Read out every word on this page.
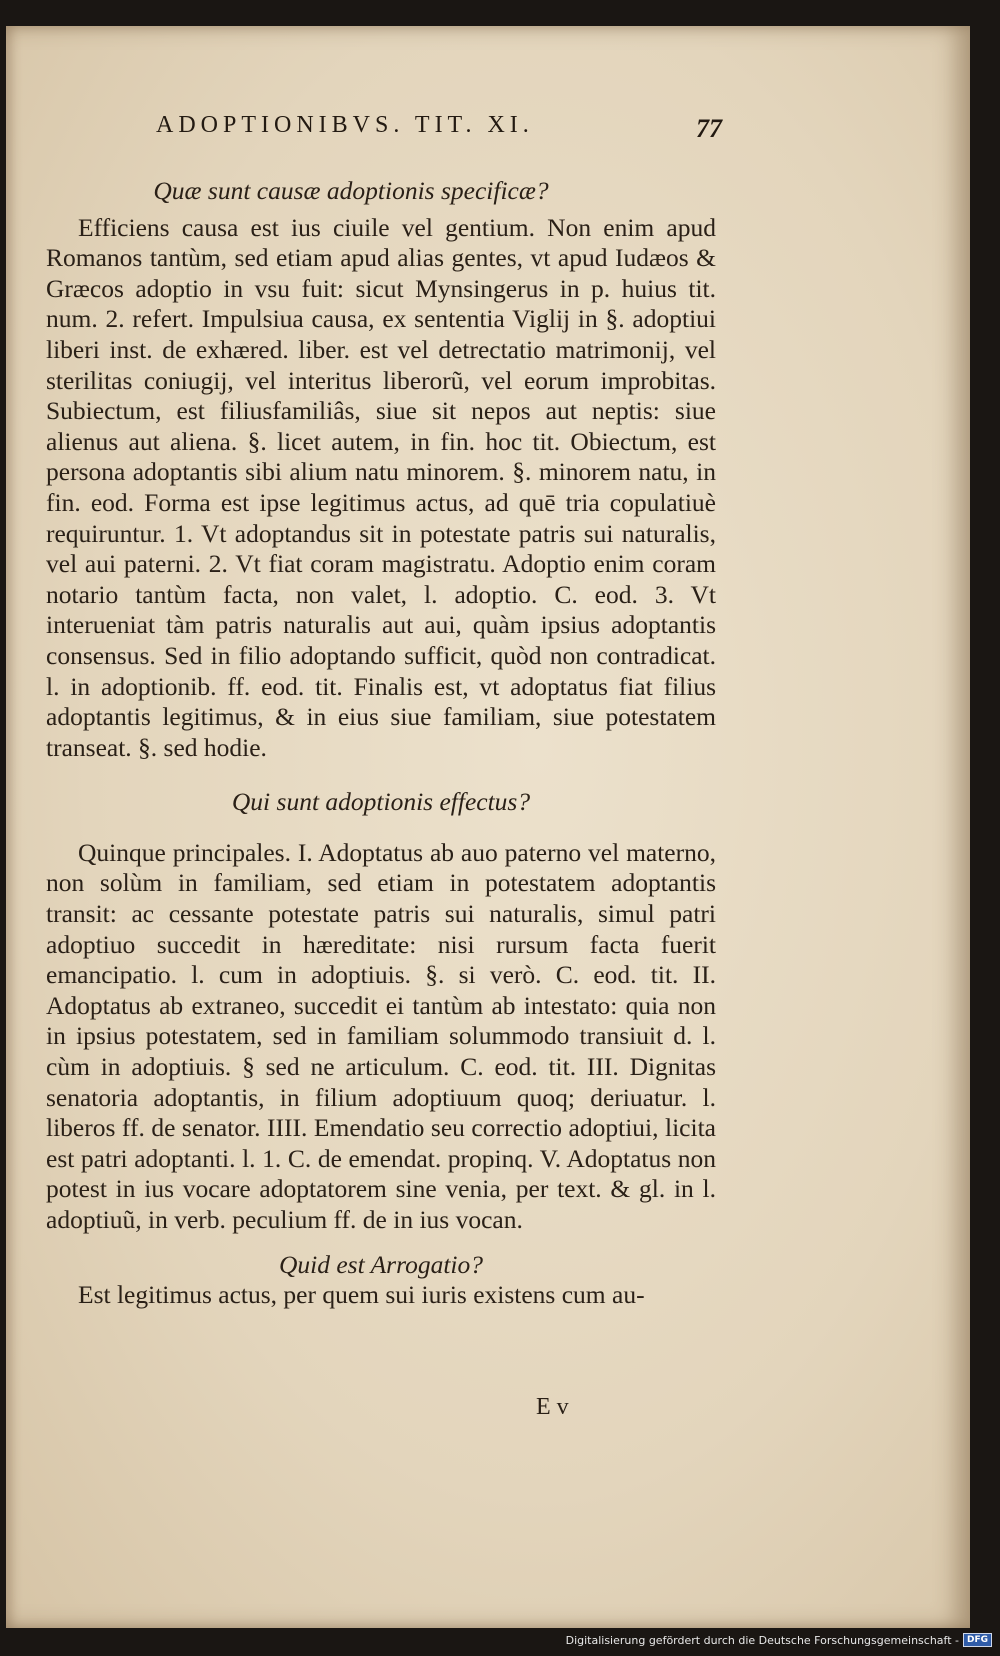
ADOPTIONIBVS. TIT. XI.	77

Quæ sunt causæ adoptionis specificæ?

Efficiens causa est ius ciuile vel gentium. Non enim apud Romanos tantùm, sed etiam apud alias gentes, vt apud Iudæos & Græcos adoptio in vsu fuit: sicut Mynsingerus in p. huius tit. num. 2. refert. Impulsiua causa, ex sententia Viglij in §. adoptiui liberi inst. de exhæred. liber. est vel detrectatio matrimonij, vel sterilitas coniugij, vel interitus liberorũ, vel eorum improbitas. Subiectum, est filiusfamiliâs, siue sit nepos aut neptis: siue alienus aut aliena. §. licet autem, in fin. hoc tit. Obiectum, est persona adoptantis sibi alium natu minorem. §. minorem natu, in fin. eod. Forma est ipse legitimus actus, ad quē tria copulatiuè requiruntur. 1. Vt adoptandus sit in potestate patris sui naturalis, vel aui paterni. 2. Vt fiat coram magistratu. Adoptio enim coram notario tantùm facta, non valet, l. adoptio. C. eod. 3. Vt interueniat tàm patris naturalis aut aui, quàm ipsius adoptantis consensus. Sed in filio adoptando sufficit, quòd non contradicat. l. in adoptionib. ff. eod. tit. Finalis est, vt adoptatus fiat filius adoptantis legitimus, & in eius siue familiam, siue potestatem transeat. §. sed hodie.

Qui sunt adoptionis effectus?

Quinque principales. I. Adoptatus ab auo paterno vel materno, non solùm in familiam, sed etiam in potestatem adoptantis transit: ac cessante potestate patris sui naturalis, simul patri adoptiuo succedit in hæreditate: nisi rursum facta fuerit emancipatio. l. cum in adoptiuis. §. si verò. C. eod. tit. II. Adoptatus ab extraneo, succedit ei tantùm ab intestato: quia non in ipsius potestatem, sed in familiam solummodo transiuit d. l. cùm in adoptiuis. § sed ne articulum. C. eod. tit. III. Dignitas senatoria adoptantis, in filium adoptiuum quoq; deriuatur. l. liberos ff. de senator. IIII. Emendatio seu correctio adoptiui, licita est patri adoptanti. l. 1. C. de emendat. propinq. V. Adoptatus non potest in ius vocare adoptatorem sine venia, per text. & gl. in l. adoptiuũ, in verb. peculium ff. de in ius vocan.

Quid est Arrogatio?

Est legitimus actus, per quem sui iuris existens cum au-

E v
Digitalisierung gefördert durch die Deutsche Forschungsgemeinschaft - DFG
